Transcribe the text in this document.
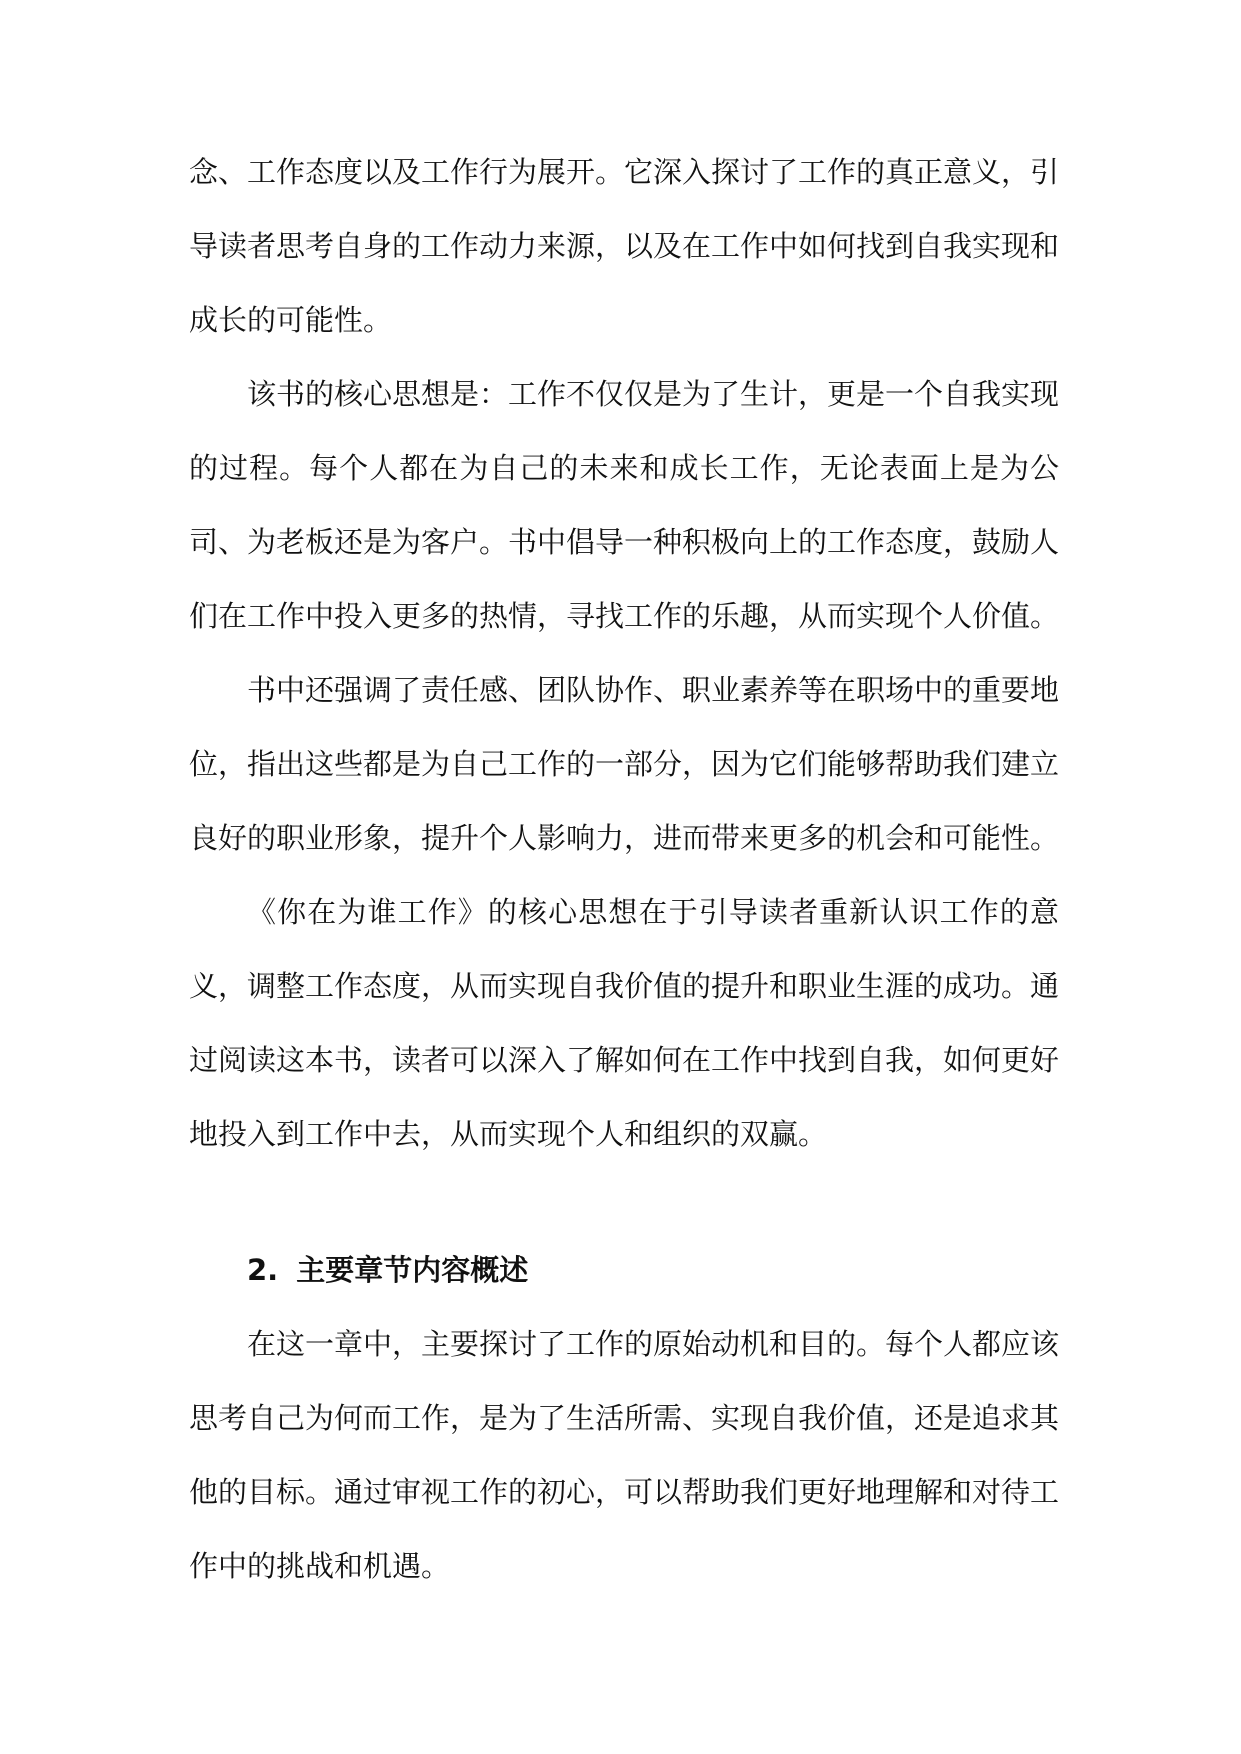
念、工作态度以及工作行为展开。它深入探讨了工作的真正意义，引导读者思考自身的工作动力来源，以及在工作中如何找到自我实现和成长的可能性。

该书的核心思想是：工作不仅仅是为了生计，更是一个自我实现的过程。每个人都在为自己的未来和成长工作，无论表面上是为公司、为老板还是为客户。书中倡导一种积极向上的工作态度，鼓励人们在工作中投入更多的热情，寻找工作的乐趣，从而实现个人价值。

书中还强调了责任感、团队协作、职业素养等在职场中的重要地位，指出这些都是为自己工作的一部分，因为它们能够帮助我们建立良好的职业形象，提升个人影响力，进而带来更多的机会和可能性。

《你在为谁工作》的核心思想在于引导读者重新认识工作的意义，调整工作态度，从而实现自我价值的提升和职业生涯的成功。通过阅读这本书，读者可以深入了解如何在工作中找到自我，如何更好地投入到工作中去，从而实现个人和组织的双赢。

2. 主要章节内容概述

在这一章中，主要探讨了工作的原始动机和目的。每个人都应该思考自己为何而工作，是为了生活所需、实现自我价值，还是追求其他的目标。通过审视工作的初心，可以帮助我们更好地理解和对待工作中的挑战和机遇。
